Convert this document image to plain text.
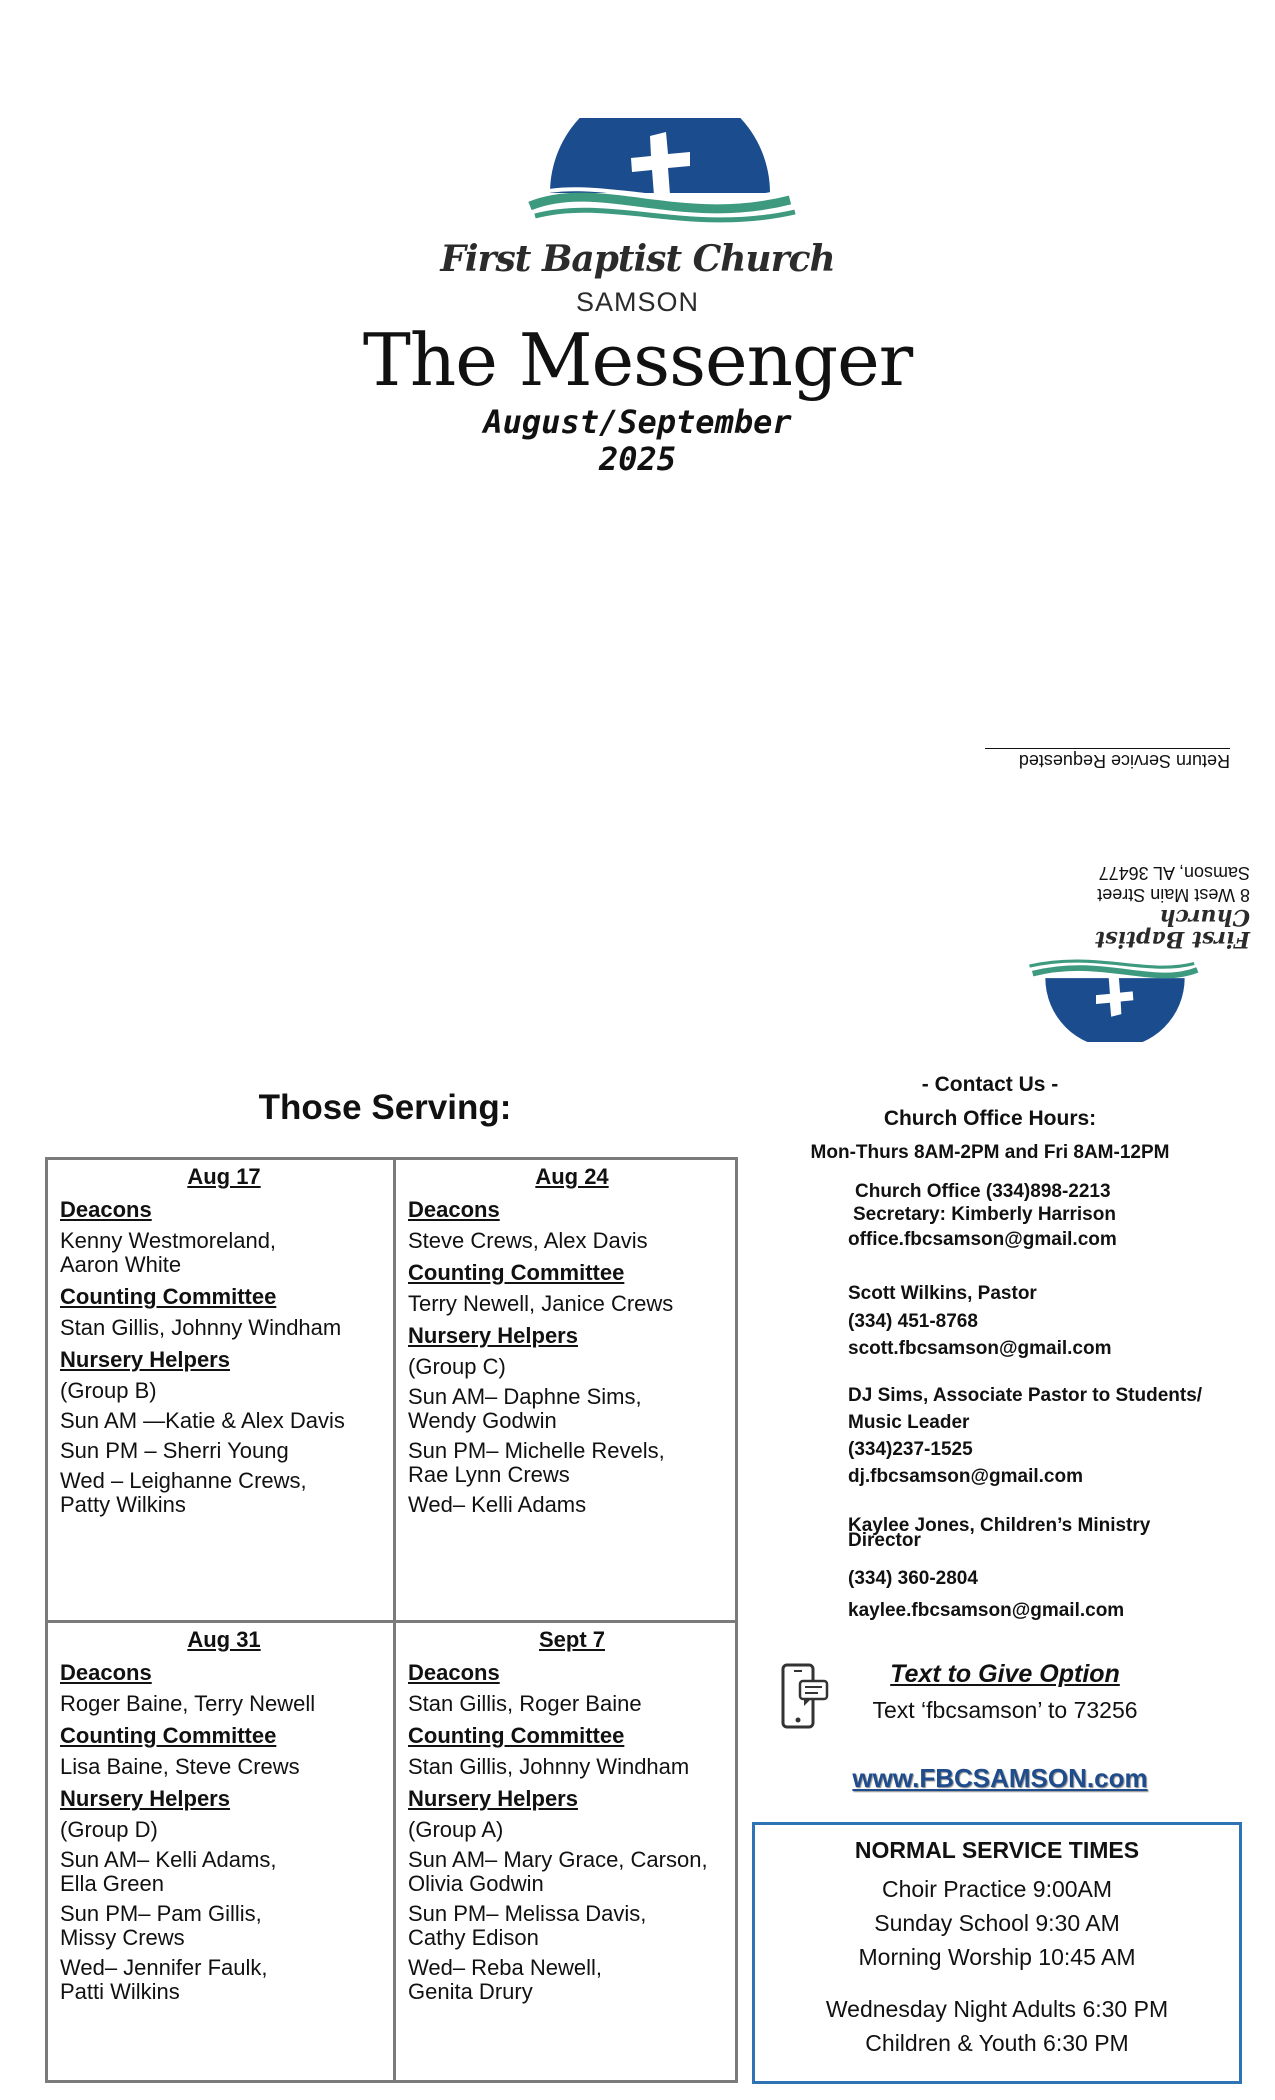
First Baptist Church
SAMSON
The Messenger
August/September
2025
Return Service Requested
First Baptist Church
8 West Main Street
Samson, AL 36477
Those Serving:
Aug 17
Deacons
Kenny Westmoreland,
Aaron White
Counting Committee
Stan Gillis, Johnny Windham
Nursery Helpers
(Group B)
Sun AM —Katie & Alex Davis
Sun PM – Sherri Young
Wed – Leighanne Crews,
Patty Wilkins
Aug 24
Deacons
Steve Crews, Alex Davis
Counting Committee
Terry Newell, Janice Crews
Nursery Helpers
(Group C)
Sun AM– Daphne Sims,
Wendy Godwin
Sun PM– Michelle Revels,
Rae Lynn Crews
Wed– Kelli Adams
Aug 31
Deacons
Roger Baine, Terry Newell
Counting Committee
Lisa Baine, Steve Crews
Nursery Helpers
(Group D)
Sun AM– Kelli Adams,
Ella Green
Sun PM– Pam Gillis,
Missy Crews
Wed– Jennifer Faulk,
Patti Wilkins
Sept 7
Deacons
Stan Gillis, Roger Baine
Counting Committee
Stan Gillis, Johnny Windham
Nursery Helpers
(Group A)
Sun AM– Mary Grace, Carson,
Olivia Godwin
Sun PM– Melissa Davis,
Cathy Edison
Wed– Reba Newell,
Genita Drury
- Contact Us -
Church Office Hours:
Mon-Thurs 8AM-2PM and Fri 8AM-12PM
Church Office (334)898-2213
Secretary: Kimberly Harrison
office.fbcsamson@gmail.com
Scott Wilkins, Pastor
(334) 451-8768
scott.fbcsamson@gmail.com
DJ Sims, Associate Pastor to Students/
Music Leader
(334)237-1525
dj.fbcsamson@gmail.com
Kaylee Jones, Children’s Ministry
Director
(334) 360-2804
kaylee.fbcsamson@gmail.com
Text to Give Option
Text ‘fbcsamson’ to 73256
www.FBCSAMSON.com
NORMAL SERVICE TIMES
Choir Practice 9:00AM
Sunday School 9:30 AM
Morning Worship 10:45 AM
Wednesday Night Adults 6:30 PM
Children & Youth 6:30 PM
